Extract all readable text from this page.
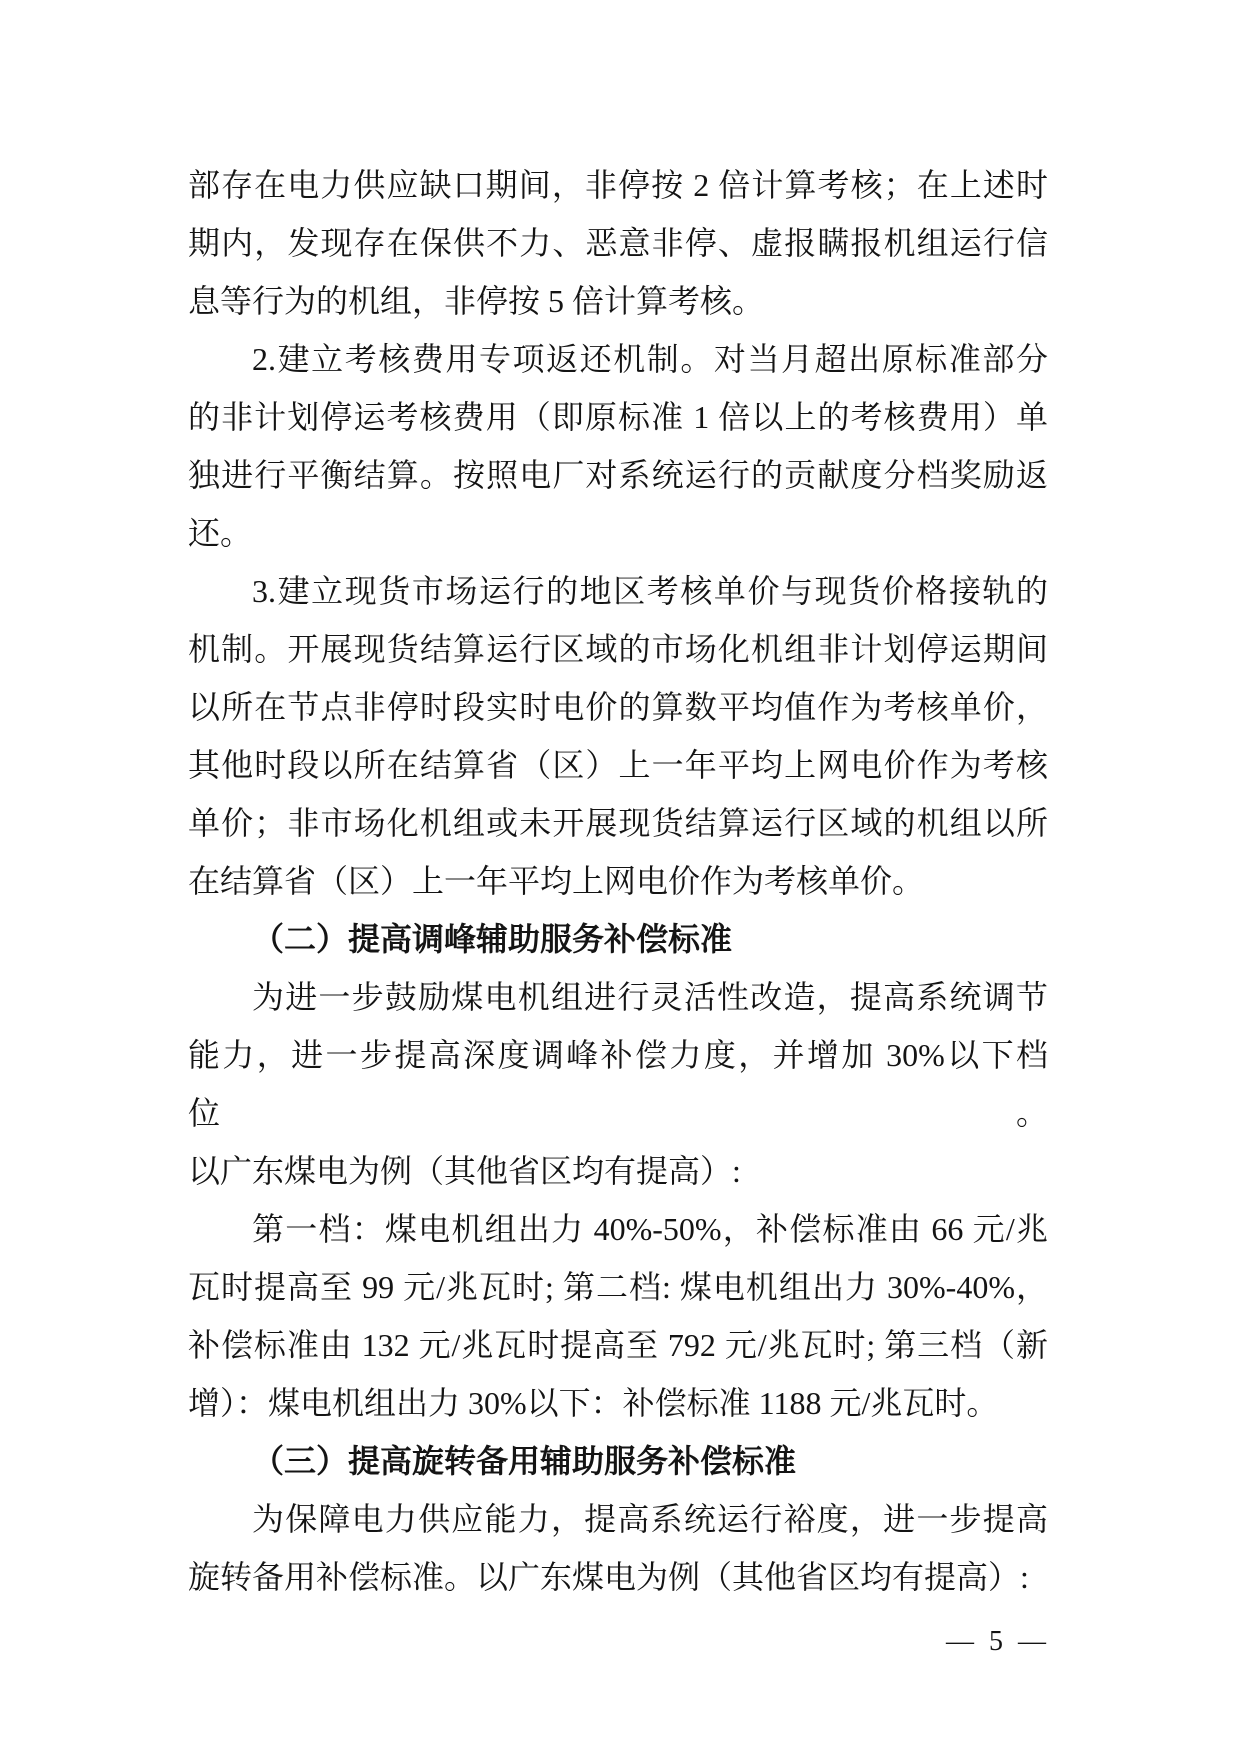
部存在电力供应缺口期间，非停按 2 倍计算考核；在上述时
期内，发现存在保供不力、恶意非停、虚报瞒报机组运行信
息等行为的机组，非停按 5 倍计算考核。
2.建立考核费用专项返还机制。对当月超出原标准部分
的非计划停运考核费用（即原标准 1 倍以上的考核费用）单
独进行平衡结算。按照电厂对系统运行的贡献度分档奖励返
还。
3.建立现货市场运行的地区考核单价与现货价格接轨的
机制。开展现货结算运行区域的市场化机组非计划停运期间
以所在节点非停时段实时电价的算数平均值作为考核单价，
其他时段以所在结算省（区）上一年平均上网电价作为考核
单价；非市场化机组或未开展现货结算运行区域的机组以所
在结算省（区）上一年平均上网电价作为考核单价。
（二）提高调峰辅助服务补偿标准
为进一步鼓励煤电机组进行灵活性改造，提高系统调节
能力，进一步提高深度调峰补偿力度，并增加 30%以下档位。
以广东煤电为例（其他省区均有提高）:
第一档：煤电机组出力 40%-50%，补偿标准由 66 元/兆
瓦时提高至 99 元/兆瓦时; 第二档: 煤电机组出力 30%-40%，
补偿标准由 132 元/兆瓦时提高至 792 元/兆瓦时; 第三档（新
增）：煤电机组出力 30%以下：补偿标准 1188 元/兆瓦时。
（三）提高旋转备用辅助服务补偿标准
为保障电力供应能力，提高系统运行裕度，进一步提高
旋转备用补偿标准。以广东煤电为例（其他省区均有提高）:
— 5 —
